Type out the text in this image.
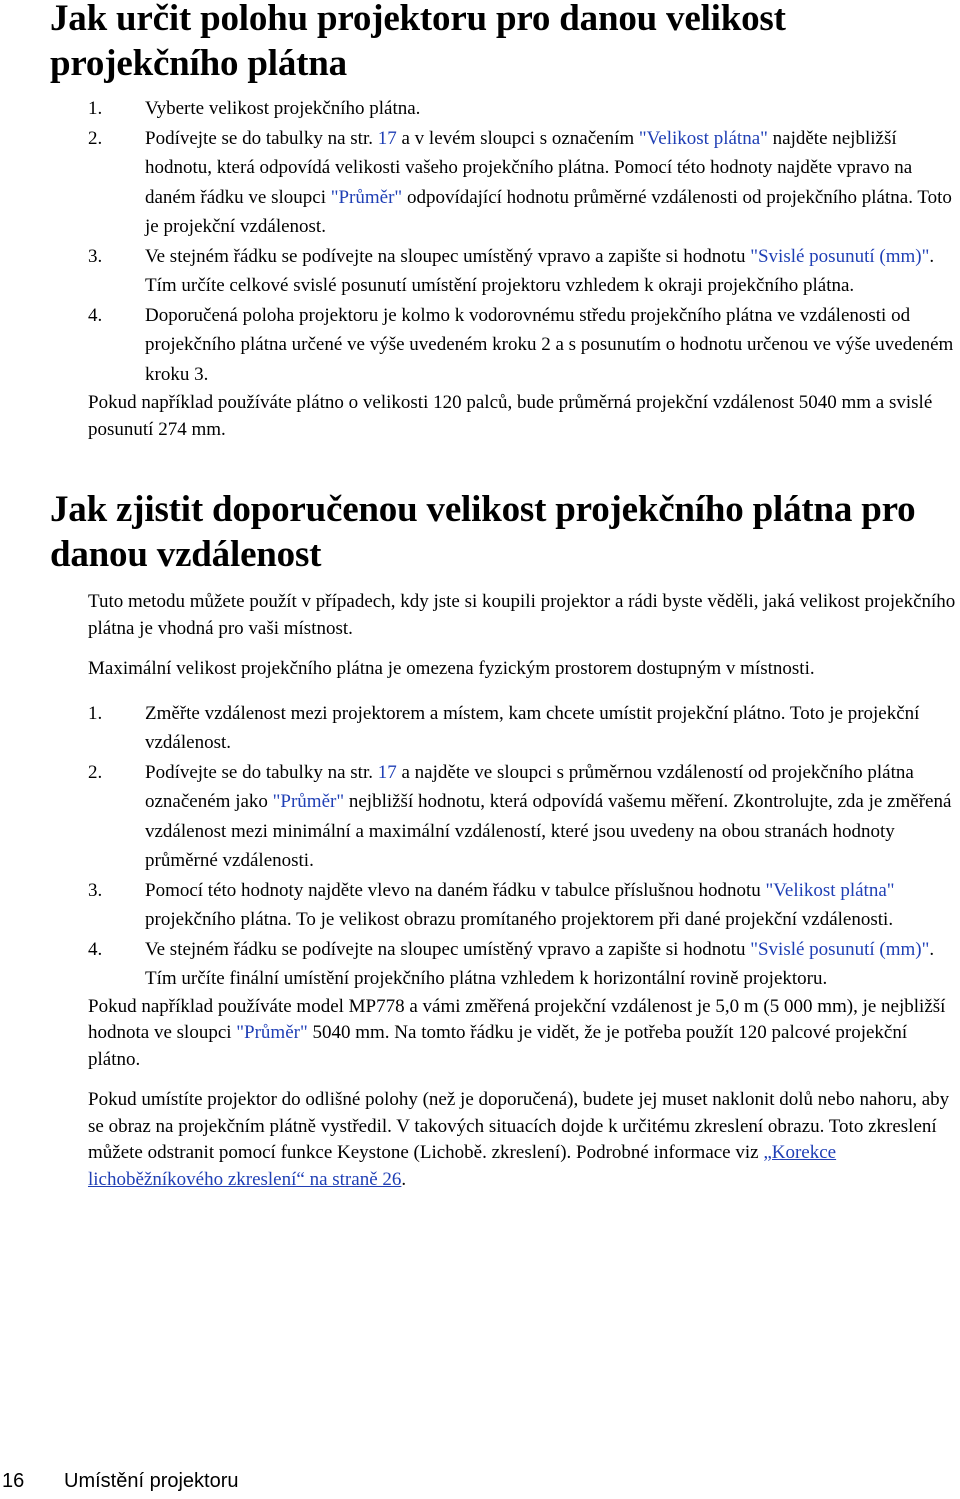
Jak určit polohu projektoru pro danou velikost projekčního plátna
1. Vyberte velikost projekčního plátna.
2. Podívejte se do tabulky na str. 17 a v levém sloupci s označením "Velikost plátna" najděte nejbližší hodnotu, která odpovídá velikosti vašeho projekčního plátna. Pomocí této hodnoty najděte vpravo na daném řádku ve sloupci "Průměr" odpovídající hodnotu průměrné vzdálenosti od projekčního plátna. Toto je projekční vzdálenost.
3. Ve stejném řádku se podívejte na sloupec umístěný vpravo a zapište si hodnotu "Svislé posunutí (mm)". Tím určíte celkové svislé posunutí umístění projektoru vzhledem k okraji projekčního plátna.
4. Doporučená poloha projektoru je kolmo k vodorovnému středu projekčního plátna ve vzdálenosti od projekčního plátna určené ve výše uvedeném kroku 2 a s posunutím o hodnotu určenou ve výše uvedeném kroku 3.

Pokud například používáte plátno o velikosti 120 palců, bude průměrná projekční vzdálenost 5040 mm a svislé posunutí 274 mm.

Jak zjistit doporučenou velikost projekčního plátna pro danou vzdálenost

Tuto metodu můžete použít v případech, kdy jste si koupili projektor a rádi byste věděli, jaká velikost projekčního plátna je vhodná pro vaši místnost.

Maximální velikost projekčního plátna je omezena fyzickým prostorem dostupným v místnosti.

1. Změřte vzdálenost mezi projektorem a místem, kam chcete umístit projekční plátno. Toto je projekční vzdálenost.
2. Podívejte se do tabulky na str. 17 a najděte ve sloupci s průměrnou vzdáleností od projekčního plátna označeném jako "Průměr" nejbližší hodnotu, která odpovídá vašemu měření. Zkontrolujte, zda je změřená vzdálenost mezi minimální a maximální vzdáleností, které jsou uvedeny na obou stranách hodnoty průměrné vzdálenosti.
3. Pomocí této hodnoty najděte vlevo na daném řádku v tabulce příslušnou hodnotu "Velikost plátna" projekčního plátna. To je velikost obrazu promítaného projektorem při dané projekční vzdálenosti.
4. Ve stejném řádku se podívejte na sloupec umístěný vpravo a zapište si hodnotu "Svislé posunutí (mm)". Tím určíte finální umístění projekčního plátna vzhledem k horizontální rovině projektoru.

Pokud například používáte model MP778 a vámi změřená projekční vzdálenost je 5,0 m (5 000 mm), je nejbližší hodnota ve sloupci "Průměr" 5040 mm. Na tomto řádku je vidět, že je potřeba použít 120 palcové projekční plátno.

Pokud umístíte projektor do odlišné polohy (než je doporučená), budete jej muset naklonit dolů nebo nahoru, aby se obraz na projekčním plátně vystředil. V takových situacích dojde k určitému zkreslení obrazu. Toto zkreslení můžete odstranit pomocí funkce Keystone (Lichobě. zkreslení). Podrobné informace viz „Korekce lichoběžníkového zkreslení“ na straně 26.

16 Umístění projektoru
